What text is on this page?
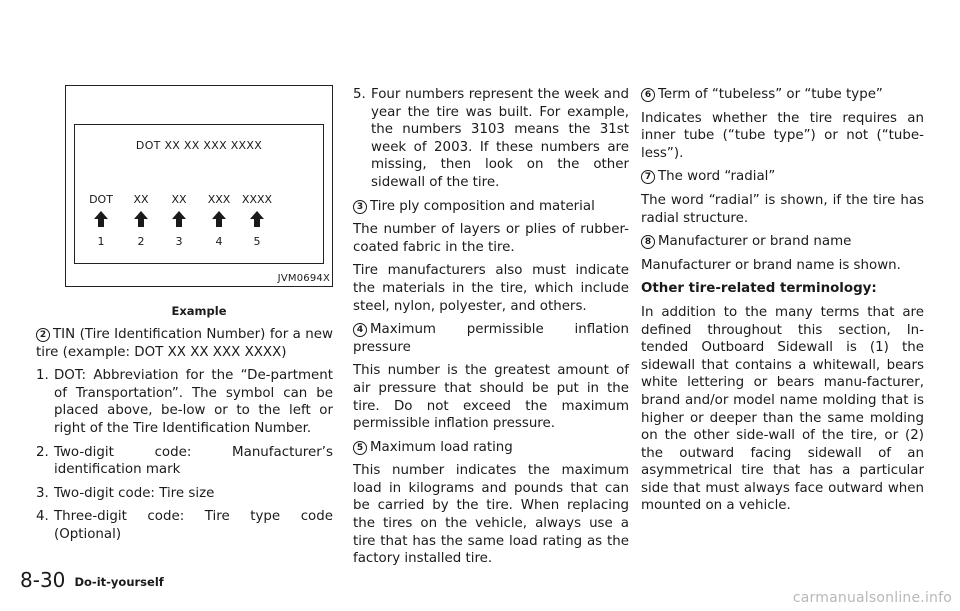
DOT XX XX XXX XXXX
DOT	XX	XX	XXX	XXXX
1	2	3	4	5
JVM0694X
Example

2 TIN (Tire Identification Number) for a new tire (example: DOT XX XX XXX XXXX)

1. DOT: Abbreviation for the “De-partment of Transportation”. The symbol can be placed above, be-low or to the left or right of the Tire Identification Number.
2. Two-digit code: Manufacturer’s identification mark
3. Two-digit code: Tire size
4. Three-digit code: Tire type code (Optional)
5. Four numbers represent the week and year the tire was built. For example, the numbers 3103 means the 31st week of 2003. If these numbers are missing, then look on the other sidewall of the tire.

3 Tire ply composition and material

The number of layers or plies of rubber-coated fabric in the tire.

Tire manufacturers also must indicate the materials in the tire, which include steel, nylon, polyester, and others.

4 Maximum permissible inflation pressure

This number is the greatest amount of air pressure that should be put in the tire. Do not exceed the maximum permissible inflation pressure.

5 Maximum load rating

This number indicates the maximum load in kilograms and pounds that can be carried by the tire. When replacing the tires on the vehicle, always use a tire that has the same load rating as the factory installed tire.

6 Term of “tubeless” or “tube type”

Indicates whether the tire requires an inner tube (“tube type”) or not (“tube-less”).

7 The word “radial”

The word “radial” is shown, if the tire has radial structure.

8 Manufacturer or brand name

Manufacturer or brand name is shown.

Other tire-related terminology:

In addition to the many terms that are defined throughout this section, In-tended Outboard Sidewall is (1) the sidewall that contains a whitewall, bears white lettering or bears manu-facturer, brand and/or model name molding that is higher or deeper than the same molding on the other side-wall of the tire, or (2) the outward facing sidewall of an asymmetrical tire that has a particular side that must always face outward when mounted on a vehicle.

8-30 Do-it-yourself
carmanualsonline.info
